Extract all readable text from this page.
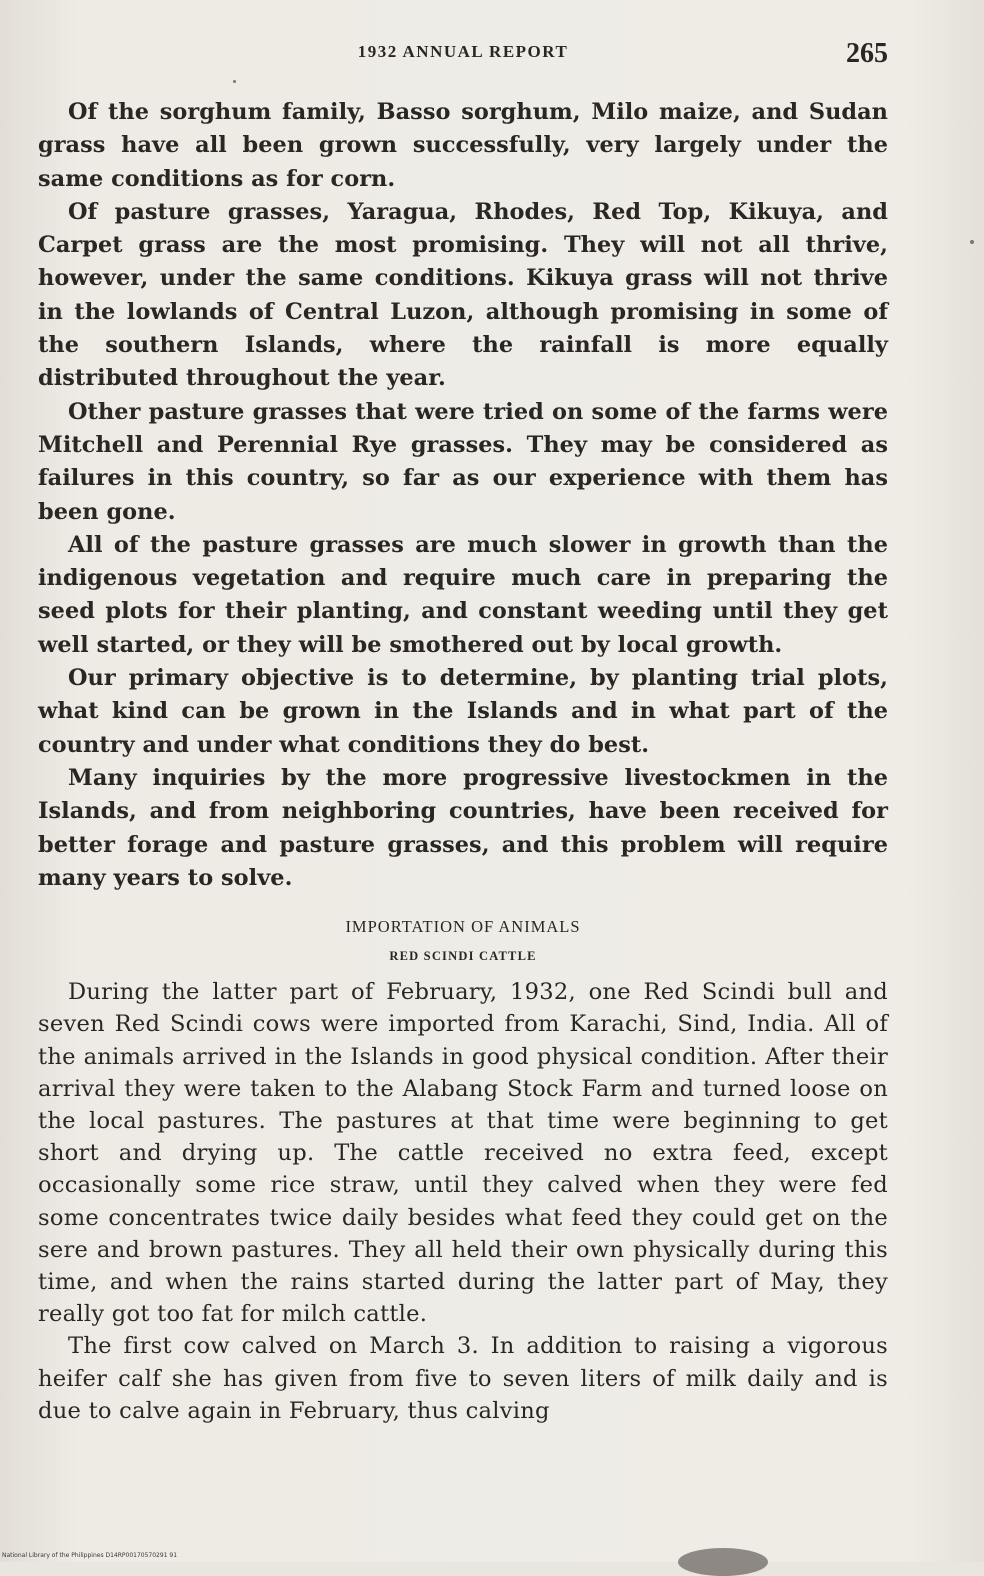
1932 ANNUAL REPORT	265

Of the sorghum family, Basso sorghum, Milo maize, and Sudan grass have all been grown successfully, very largely under the same conditions as for corn.

Of pasture grasses, Yaragua, Rhodes, Red Top, Kikuya, and Carpet grass are the most promising. They will not all thrive, however, under the same conditions. Kikuya grass will not thrive in the lowlands of Central Luzon, although promising in some of the southern Islands, where the rainfall is more equally distributed throughout the year.

Other pasture grasses that were tried on some of the farms were Mitchell and Perennial Rye grasses. They may be considered as failures in this country, so far as our experience with them has been gone.

All of the pasture grasses are much slower in growth than the indigenous vegetation and require much care in preparing the seed plots for their planting, and constant weeding until they get well started, or they will be smothered out by local growth.

Our primary objective is to determine, by planting trial plots, what kind can be grown in the Islands and in what part of the country and under what conditions they do best.

Many inquiries by the more progressive livestockmen in the Islands, and from neighboring countries, have been received for better forage and pasture grasses, and this problem will require many years to solve.

IMPORTATION OF ANIMALS
RED SCINDI CATTLE

During the latter part of February, 1932, one Red Scindi bull and seven Red Scindi cows were imported from Karachi, Sind, India. All of the animals arrived in the Islands in good physical condition. After their arrival they were taken to the Alabang Stock Farm and turned loose on the local pastures. The pastures at that time were beginning to get short and drying up. The cattle received no extra feed, except occasionally some rice straw, until they calved when they were fed some concentrates twice daily besides what feed they could get on the sere and brown pastures. They all held their own physically during this time, and when the rains started during the latter part of May, they really got too fat for milch cattle.

The first cow calved on March 3. In addition to raising a vigorous heifer calf she has given from five to seven liters of milk daily and is due to calve again in February, thus calving

National Library of the Philippines D14RP00170570291 91
